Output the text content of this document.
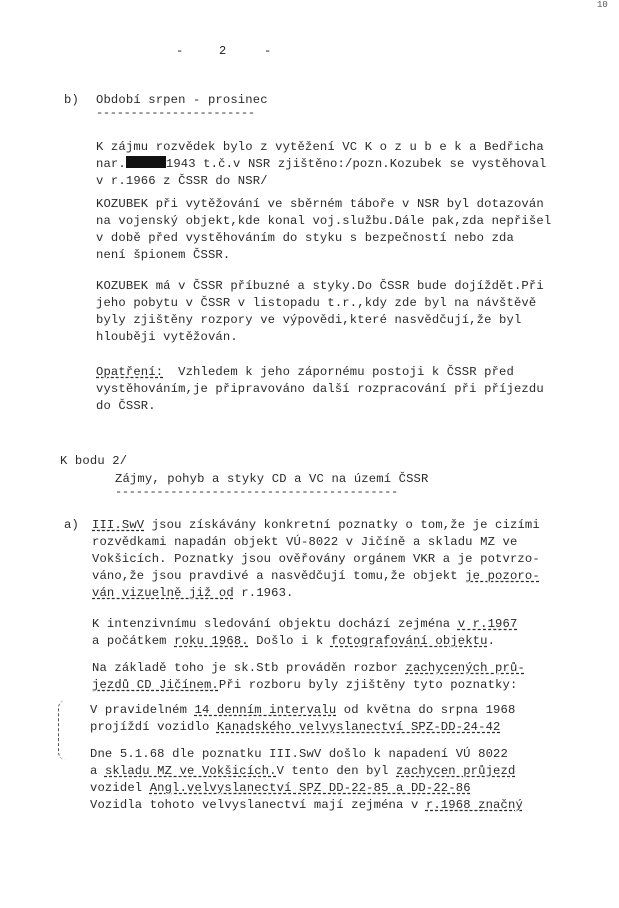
10
-	2	-
b) Období srpen - prosinec
-----------------------
K zájmu rozvědek bylo z vytěžení VC K o z u b e k a Bedřicha
nar.	1943 t.č.v NSR zjištěno:/pozn.Kozubek se vystěhoval
v r.1966 z ČSSR do NSR/
KOZUBEK při vytěžování ve sběrném táboře v NSR byl dotazován
na vojenský objekt,kde konal voj.službu.Dále pak,zda nepřišel
v době před vystěhováním do styku s bezpečností nebo zda
není špionem ČSSR.
KOZUBEK má v ČSSR příbuzné a styky.Do ČSSR bude dojíždět.Při
jeho pobytu v ČSSR v listopadu t.r.,kdy zde byl na návštěvě
byly zjištěny rozpory ve výpovědi,které nasvědčují,že byl
hlouběji vytěžován.
Opatření:  Vzhledem k jeho zápornému postoji k ČSSR před
vystěhováním,je připravováno další rozpracování při příjezdu
do ČSSR.
K bodu 2/
Zájmy, pohyb a styky CD a VC na území ČSSR
-----------------------------------------
a) III.SwV jsou získávány konkretní poznatky o tom,že je cizími
rozvědkami napadán objekt VÚ-8022 v Jičíně a skladu MZ ve
Vokšicích. Poznatky jsou ověřovány orgánem VKR a je potvrzo-
váno,že jsou pravdivé a nasvědčují tomu,že objekt je pozoro-
ván vizuelně již od r.1963.
K intenzivnímu sledování objektu dochází zejména v r.1967
a počátkem roku 1968. Došlo i k fotografování objektu.
Na základě toho je sk.Stb prováděn rozbor zachycených prů-
jezdů CD Jičínem.Při rozboru byly zjištěny tyto poznatky:
V pravidelném 14 denním intervalu od května do srpna 1968
projíždí vozidlo Kanadského velvyslanectví SPZ-DD-24-42
Dne 5.1.68 dle poznatku III.SwV došlo k napadení VÚ 8022
a skladu MZ ve Vokšicích.V tento den byl zachycen průjezd
vozidel Angl.velvyslanectví SPZ DD-22-85 a DD-22-86
Vozidla tohoto velvyslanectví mají zejména v r.1968 značný
